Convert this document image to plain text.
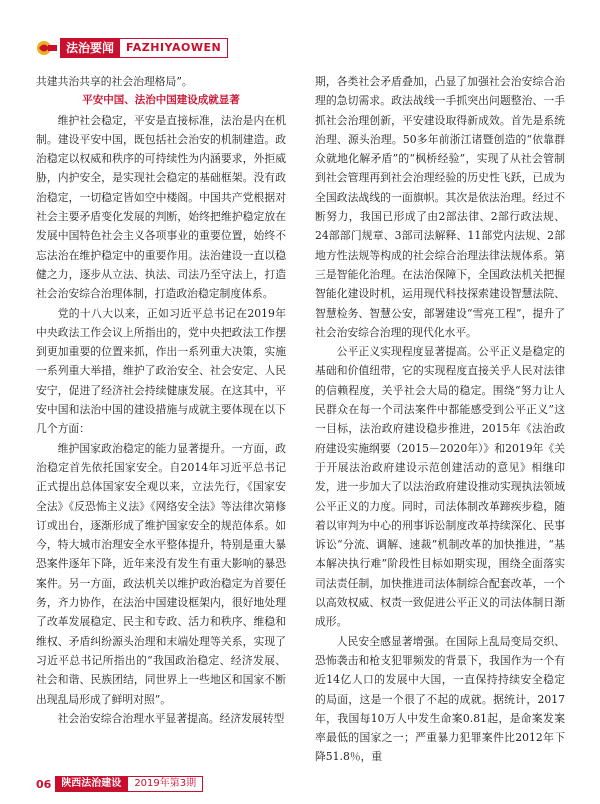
法治要闻	FAZHIYAOWEN

共建共治共享的社会治理格局”。

平安中国、法治中国建设成就显著

维护社会稳定，平安是直接标准，法治是内在机制。建设平安中国，既包括社会治安的机制建造。政治稳定以权威和秩序的可持续性为内涵要求，外拒威胁，内护安全，是实现社会稳定的基础框架。没有政治稳定，一切稳定皆如空中楼阁。中国共产党根据对社会主要矛盾变化发展的判断，始终把维护稳定放在发展中国特色社会主义各项事业的重要位置，始终不忘法治在维护稳定中的重要作用。法治建设一直以稳健之力，逐步从立法、执法、司法乃至守法上，打造社会治安综合治理体制，打造政治稳定制度体系。

党的十八大以来，正如习近平总书记在2019年中央政法工作会议上所指出的，党中央把政法工作摆到更加重要的位置来抓，作出一系列重大决策，实施一系列重大举措，维护了政治安全、社会安定、人民安宁，促进了经济社会持续健康发展。在这其中，平安中国和法治中国的建设措施与成就主要体现在以下几个方面：

维护国家政治稳定的能力显著提升。一方面，政治稳定首先依托国家安全。自2014年习近平总书记正式提出总体国家安全观以来，立法先行，《国家安全法》《反恐怖主义法》《网络安全法》等法律次第修订或出台，逐渐形成了维护国家安全的规范体系。如今，特大城市治理安全水平整体提升，特别是重大暴恐案件逐年下降，近年来没有发生有重大影响的暴恐案件。另一方面，政法机关以维护政治稳定为首要任务，齐力协作，在法治中国建设框架内，很好地处理了改革发展稳定、民主和专政、活力和秩序、维稳和维权、矛盾纠纷源头治理和末端处理等关系，实现了习近平总书记所指出的“我国政治稳定、经济发展、社会和谐、民族团结，同世界上一些地区和国家不断出现乱局形成了鲜明对照”。

社会治安综合治理水平显著提高。经济发展转型

期，各类社会矛盾叠加，凸显了加强社会治安综合治理的急切需求。政法战线一手抓突出问题整治、一手抓社会治理创新，平安建设取得新成效。首先是系统治理、源头治理。50多年前浙江诸暨创造的“依靠群众就地化解矛盾”的“枫桥经验”，实现了从社会管制到社会管理再到社会治理经验的历史性飞跃，已成为全国政法战线的一面旗帜。其次是依法治理。经过不断努力，我国已形成了由2部法律、2部行政法规、24部部门规章、3部司法解释、11部党内法规、2部地方性法规等构成的社会综合治理法律法规体系。第三是智能化治理。在法治保障下，全国政法机关把握智能化建设时机，运用现代科技探索建设智慧法院、智慧检务、智慧公安，部署建设“雪亮工程”，提升了社会治安综合治理的现代化水平。

公平正义实现程度显著提高。公平正义是稳定的基础和价值纽带，它的实现程度直接关乎人民对法律的信赖程度，关乎社会大局的稳定。围绕“努力让人民群众在每一个司法案件中都能感受到公平正义”这一目标，法治政府建设稳步推进，2015年《法治政府建设实施纲要（2015－2020年）》和2019年《关于开展法治政府建设示范创建活动的意见》相继印发，进一步加大了以法治政府建设推动实现执法领域公平正义的力度。同时，司法体制改革蹄疾步稳，随着以审判为中心的刑事诉讼制度改革持续深化、民事诉讼“分流、调解、速裁”机制改革的加快推进，“基本解决执行难”阶段性目标如期实现，围绕全面落实司法责任制，加快推进司法体制综合配套改革，一个以高效权威、权责一致促进公平正义的司法体制日渐成形。

人民安全感显著增强。在国际上乱局变局交织、恐怖袭击和枪支犯罪频发的背景下，我国作为一个有近14亿人口的发展中大国，一直保持持续安全稳定的局面，这是一个很了不起的成就。据统计，2017年，我国每10万人中发生命案0.81起，是命案发案率最低的国家之一；严重暴力犯罪案件比2012年下降51.8％，重

06	陕西法治建设	2019年第3期
